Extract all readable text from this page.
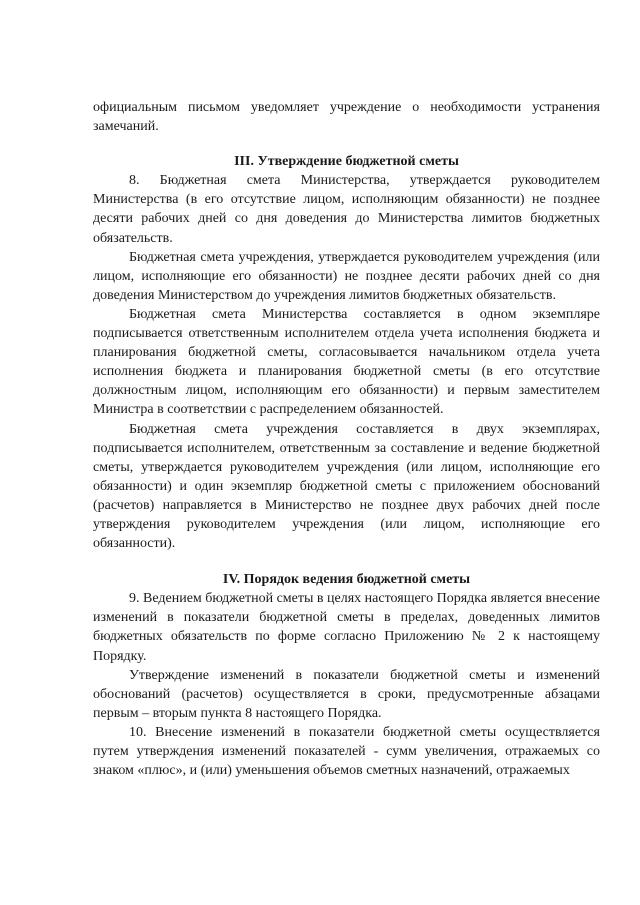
официальным письмом уведомляет учреждение о необходимости устранения замечаний.

III. Утверждение бюджетной сметы

8. Бюджетная смета Министерства, утверждается руководителем Министерства (в его отсутствие лицом, исполняющим обязанности) не позднее десяти рабочих дней со дня доведения до Министерства лимитов бюджетных обязательств.

Бюджетная смета учреждения, утверждается руководителем учреждения (или лицом, исполняющие его обязанности) не позднее десяти рабочих дней со дня доведения Министерством до учреждения лимитов бюджетных обязательств.

Бюджетная смета Министерства составляется в одном экземпляре подписывается ответственным исполнителем отдела учета исполнения бюджета и планирования бюджетной сметы, согласовывается начальником отдела учета исполнения бюджета и планирования бюджетной сметы (в его отсутствие должностным лицом, исполняющим его обязанности) и первым заместителем Министра в соответствии с распределением обязанностей.

Бюджетная смета учреждения составляется в двух экземплярах, подписывается исполнителем, ответственным за составление и ведение бюджетной сметы, утверждается руководителем учреждения (или лицом, исполняющие его обязанности) и один экземпляр бюджетной сметы с приложением обоснований (расчетов) направляется в Министерство не позднее двух рабочих дней после утверждения руководителем учреждения (или лицом, исполняющие его обязанности).

IV. Порядок ведения бюджетной сметы

9. Ведением бюджетной сметы в целях настоящего Порядка является внесение изменений в показатели бюджетной сметы в пределах, доведенных лимитов бюджетных обязательств по форме согласно Приложению № 2 к настоящему Порядку.

Утверждение изменений в показатели бюджетной сметы и изменений обоснований (расчетов) осуществляется в сроки, предусмотренные абзацами первым – вторым пункта 8 настоящего Порядка.

10. Внесение изменений в показатели бюджетной сметы осуществляется путем утверждения изменений показателей - сумм увеличения, отражаемых со знаком «плюс», и (или) уменьшения объемов сметных назначений, отражаемых
